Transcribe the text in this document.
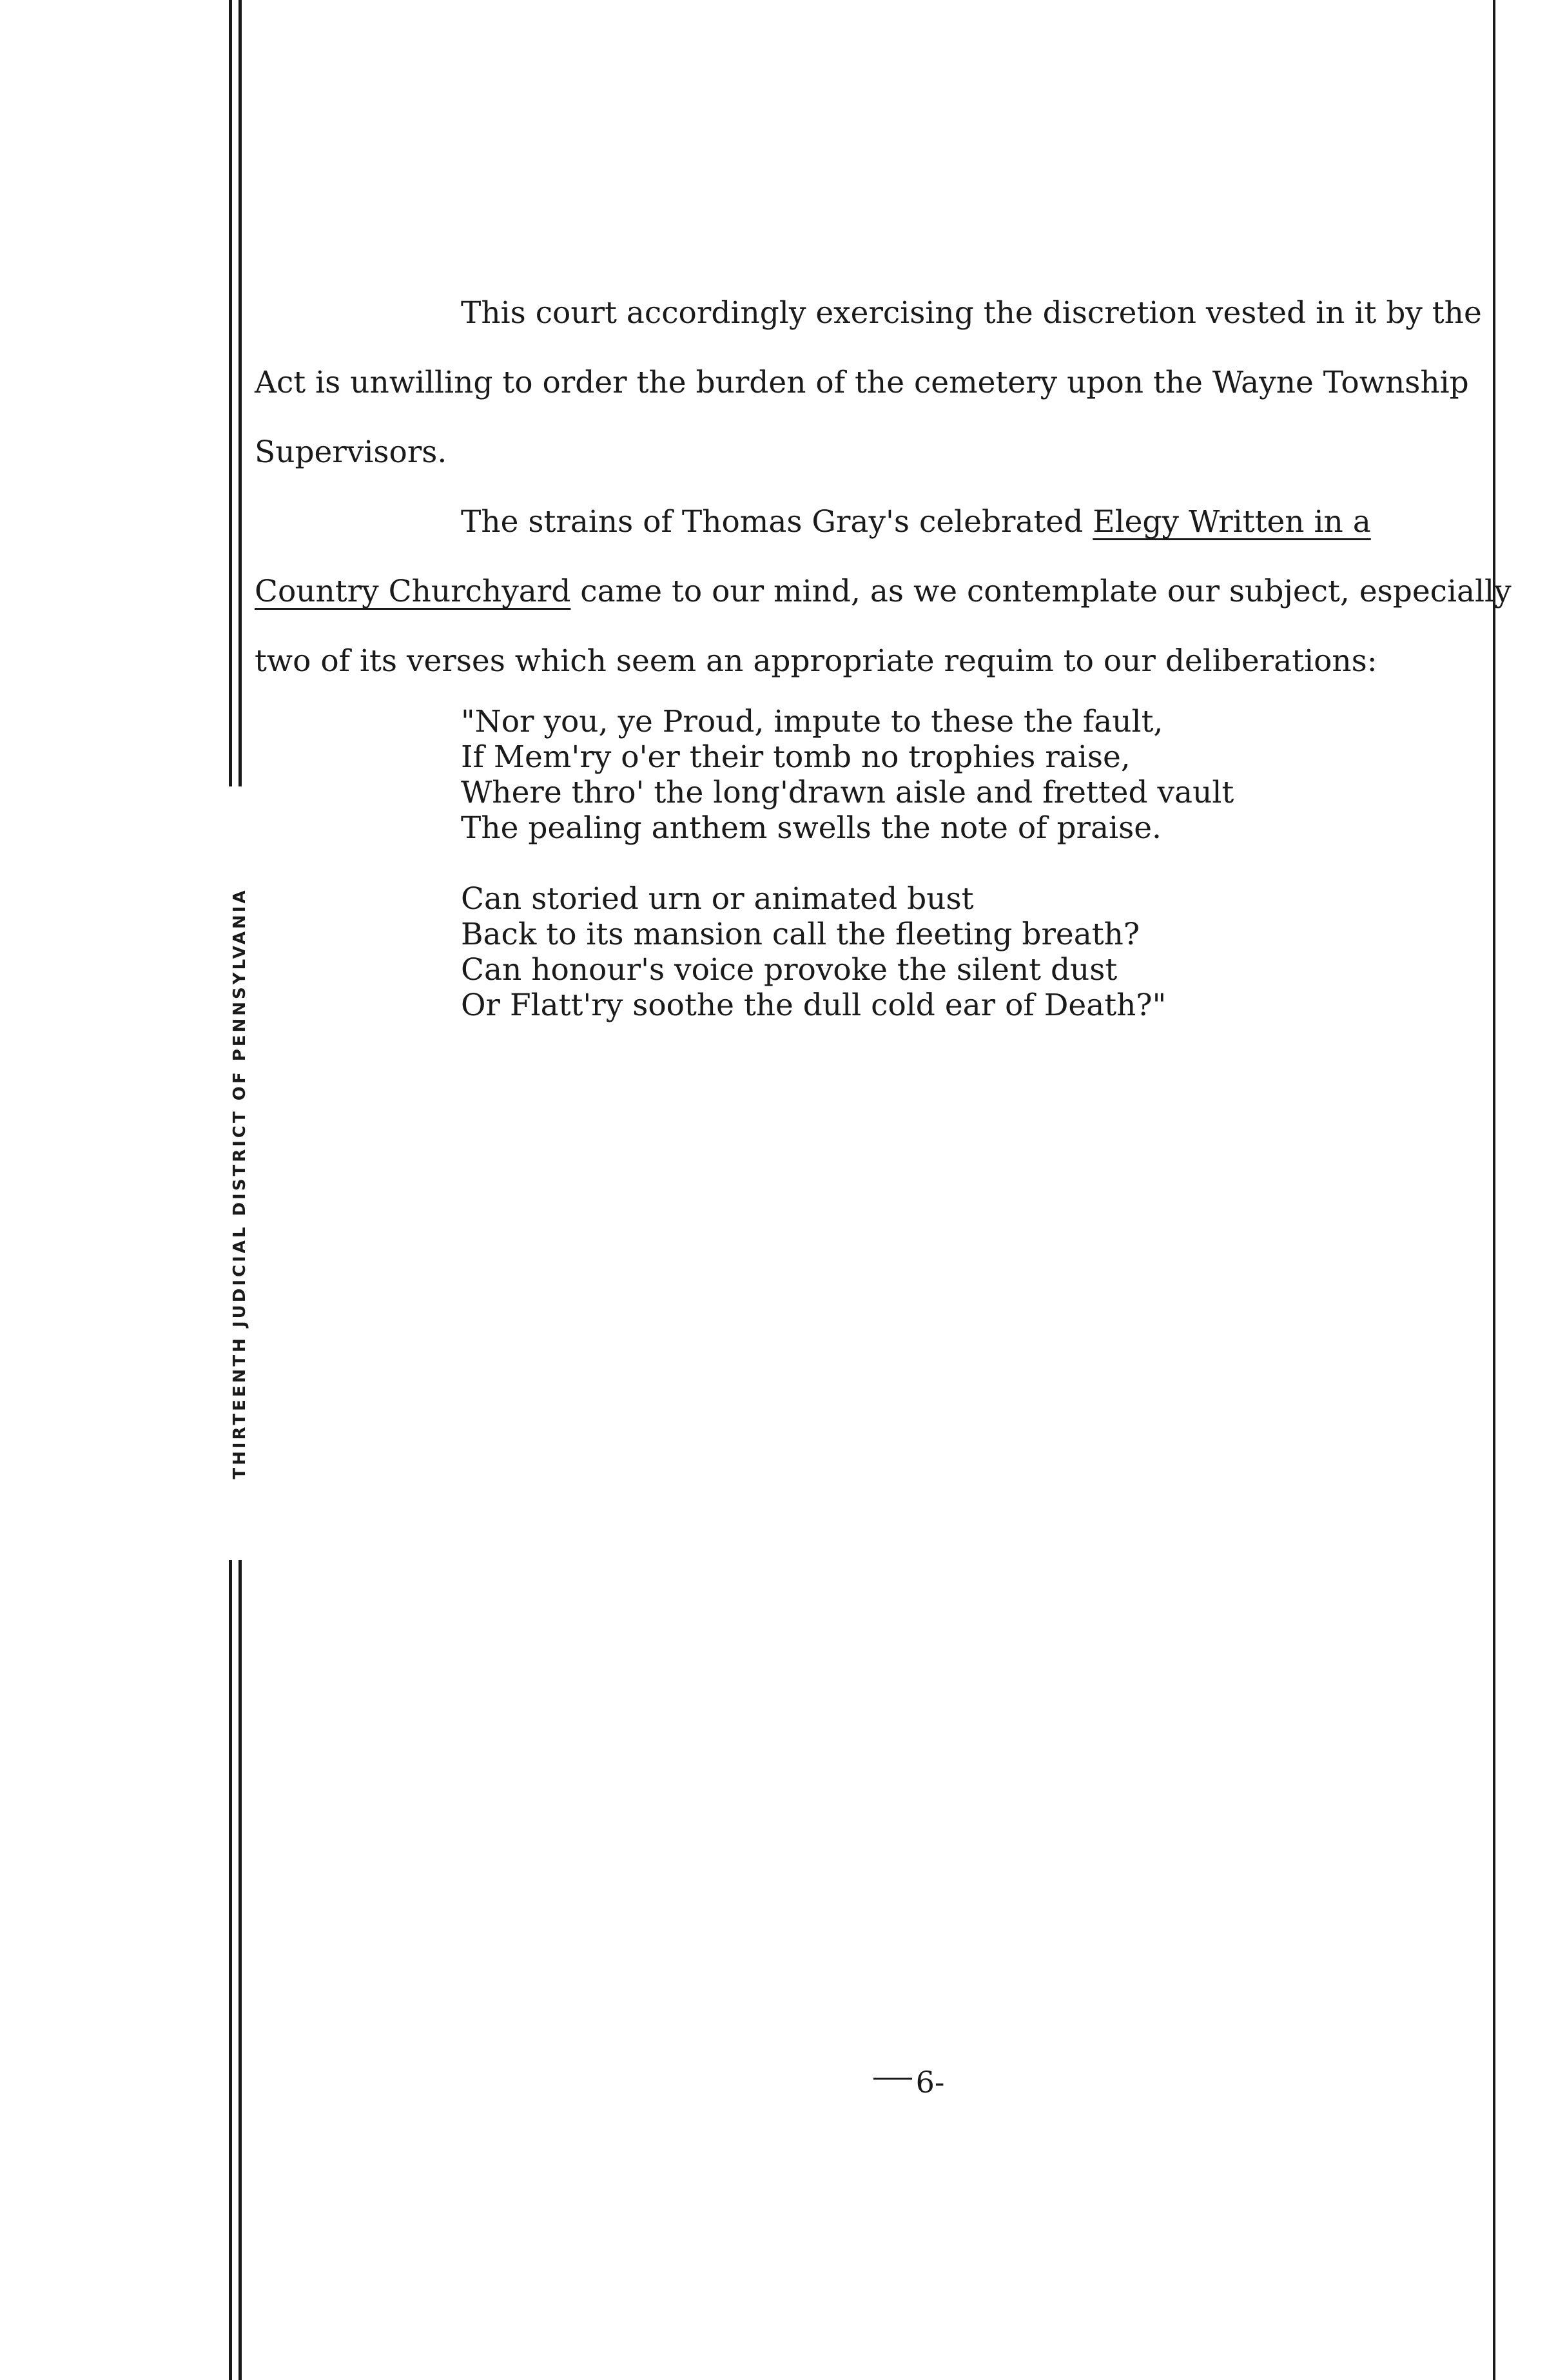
THIRTEENTH JUDICIAL DISTRICT OF PENNSYLVANIA
This court accordingly exercising the discretion vested in it by the
Act is unwilling to order the burden of the cemetery upon the Wayne Township
Supervisors.
The strains of Thomas Gray's celebrated Elegy Written in a
Country Churchyard came to our mind, as we contemplate our subject, especially
two of its verses which seem an appropriate requim to our deliberations:
"Nor you, ye Proud, impute to these the fault,
If Mem'ry o'er their tomb no trophies raise,
Where thro' the long'drawn aisle and fretted vault
The pealing anthem swells the note of praise.
Can storied urn or animated bust
Back to its mansion call the fleeting breath?
Can honour's voice provoke the silent dust
Or Flatt'ry soothe the dull cold ear of Death?"
6-
